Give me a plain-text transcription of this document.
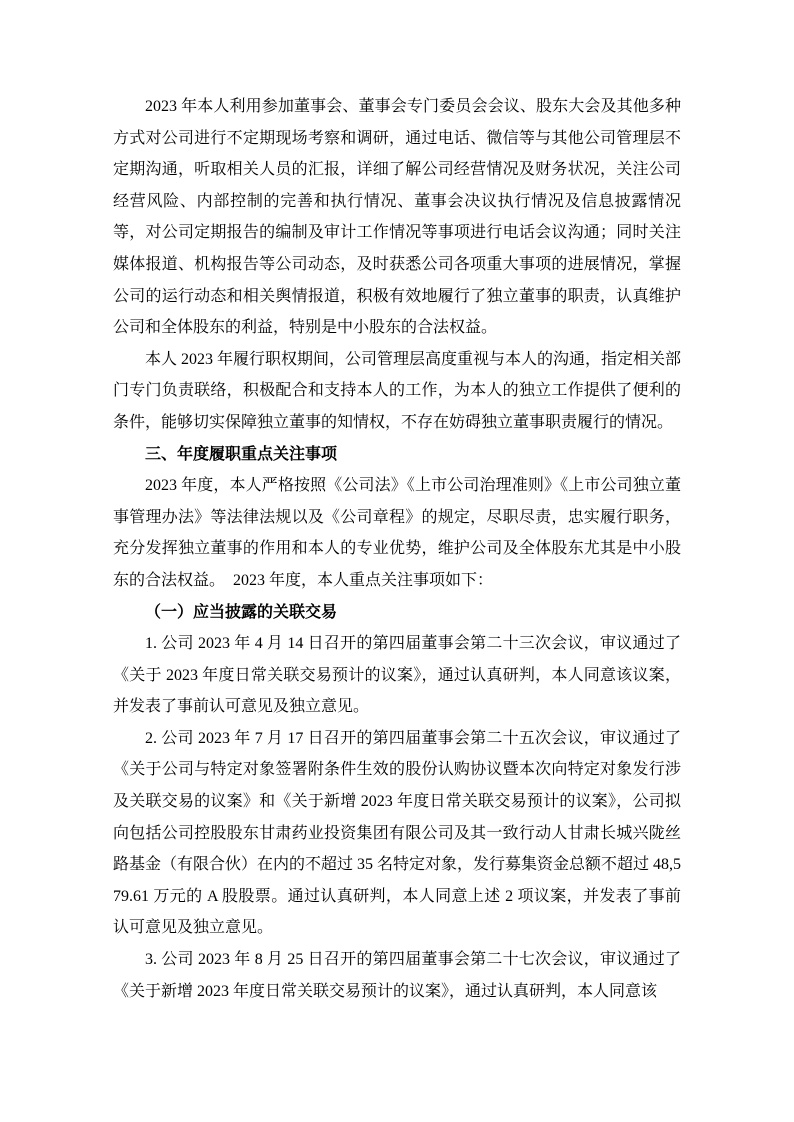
2023 年本人利用参加董事会、董事会专门委员会会议、股东大会及其他多种方式对公司进行不定期现场考察和调研，通过电话、微信等与其他公司管理层不定期沟通，听取相关人员的汇报，详细了解公司经营情况及财务状况，关注公司经营风险、内部控制的完善和执行情况、董事会决议执行情况及信息披露情况等，对公司定期报告的编制及审计工作情况等事项进行电话会议沟通；同时关注媒体报道、机构报告等公司动态，及时获悉公司各项重大事项的进展情况，掌握公司的运行动态和相关舆情报道，积极有效地履行了独立董事的职责，认真维护公司和全体股东的利益，特别是中小股东的合法权益。

本人 2023 年履行职权期间，公司管理层高度重视与本人的沟通，指定相关部门专门负责联络，积极配合和支持本人的工作，为本人的独立工作提供了便利的条件，能够切实保障独立董事的知情权，不存在妨碍独立董事职责履行的情况。

三、年度履职重点关注事项

2023 年度，本人严格按照《公司法》《上市公司治理准则》《上市公司独立董事管理办法》等法律法规以及《公司章程》的规定，尽职尽责，忠实履行职务，充分发挥独立董事的作用和本人的专业优势，维护公司及全体股东尤其是中小股东的合法权益。　2023 年度，本人重点关注事项如下：

（一）应当披露的关联交易

1. 公司 2023 年 4 月 14 日召开的第四届董事会第二十三次会议，审议通过了《关于 2023 年度日常关联交易预计的议案》，通过认真研判，本人同意该议案，并发表了事前认可意见及独立意见。

2. 公司 2023 年 7 月 17 日召开的第四届董事会第二十五次会议，审议通过了《关于公司与特定对象签署附条件生效的股份认购协议暨本次向特定对象发行涉及关联交易的议案》和《关于新增 2023 年度日常关联交易预计的议案》，公司拟向包括公司控股股东甘肃药业投资集团有限公司及其一致行动人甘肃长城兴陇丝路基金（有限合伙）在内的不超过 35 名特定对象，发行募集资金总额不超过 48,579.61 万元的 A 股股票。通过认真研判，本人同意上述 2 项议案，并发表了事前认可意见及独立意见。

3. 公司 2023 年 8 月 25 日召开的第四届董事会第二十七次会议，审议通过了《关于新增 2023 年度日常关联交易预计的议案》，通过认真研判，本人同意该
